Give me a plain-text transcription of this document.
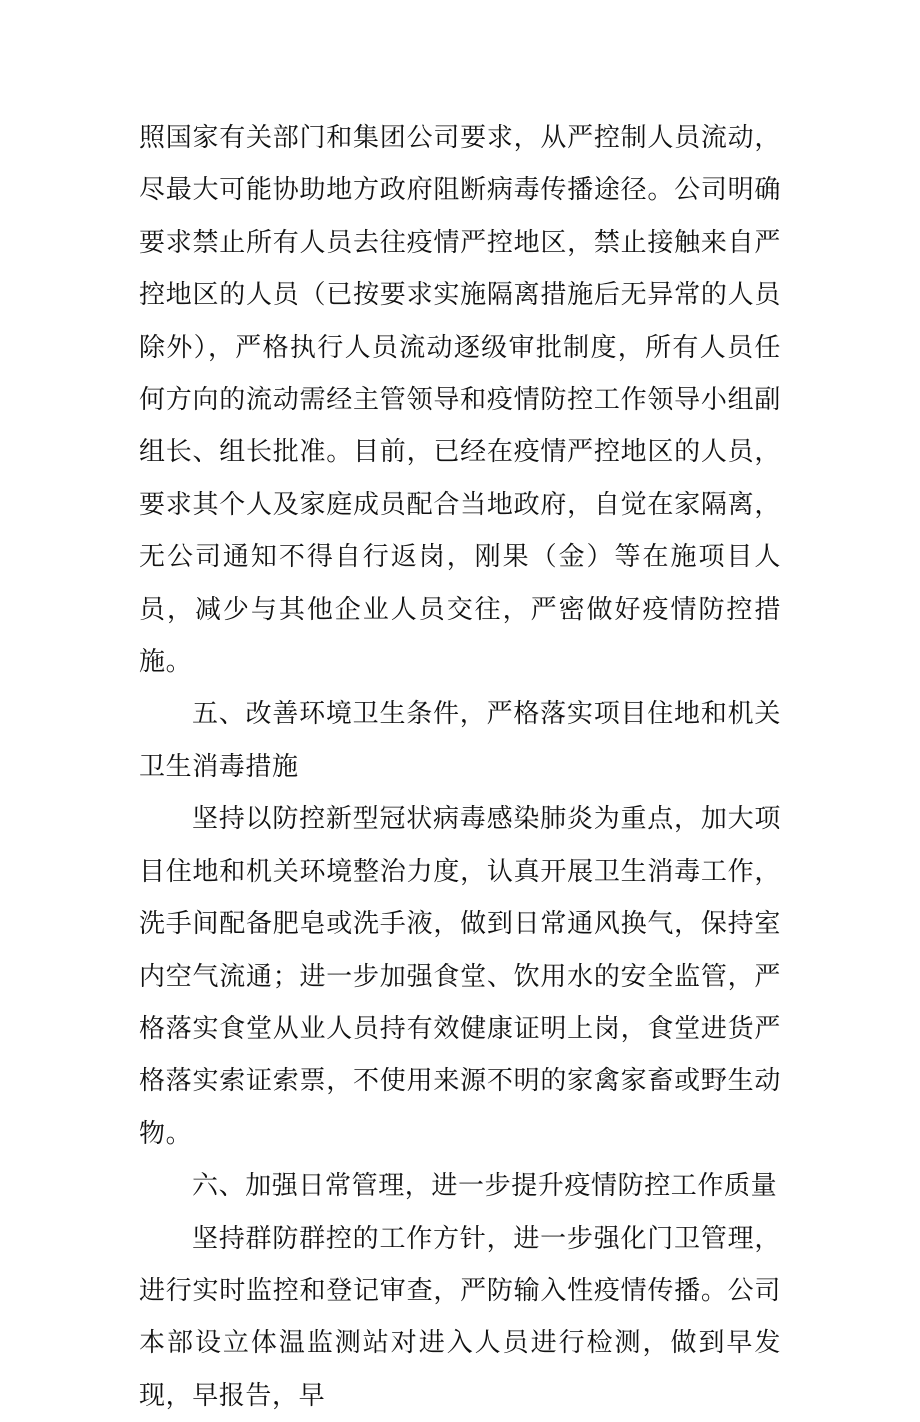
照国家有关部门和集团公司要求，从严控制人员流动，尽最大可能协助地方政府阻断病毒传播途径。公司明确要求禁止所有人员去往疫情严控地区，禁止接触来自严控地区的人员（已按要求实施隔离措施后无异常的人员除外），严格执行人员流动逐级审批制度，所有人员任何方向的流动需经主管领导和疫情防控工作领导小组副组长、组长批准。目前，已经在疫情严控地区的人员，要求其个人及家庭成员配合当地政府，自觉在家隔离，无公司通知不得自行返岗，刚果（金）等在施项目人员，减少与其他企业人员交往，严密做好疫情防控措施。

五、改善环境卫生条件，严格落实项目住地和机关卫生消毒措施

坚持以防控新型冠状病毒感染肺炎为重点，加大项目住地和机关环境整治力度，认真开展卫生消毒工作，洗手间配备肥皂或洗手液，做到日常通风换气，保持室内空气流通；进一步加强食堂、饮用水的安全监管，严格落实食堂从业人员持有效健康证明上岗，食堂进货严格落实索证索票，不使用来源不明的家禽家畜或野生动物。

六、加强日常管理，进一步提升疫情防控工作质量

坚持群防群控的工作方针，进一步强化门卫管理，进行实时监控和登记审查，严防输入性疫情传播。公司本部设立体温监测站对进入人员进行检测，做到早发现，早报告，早
